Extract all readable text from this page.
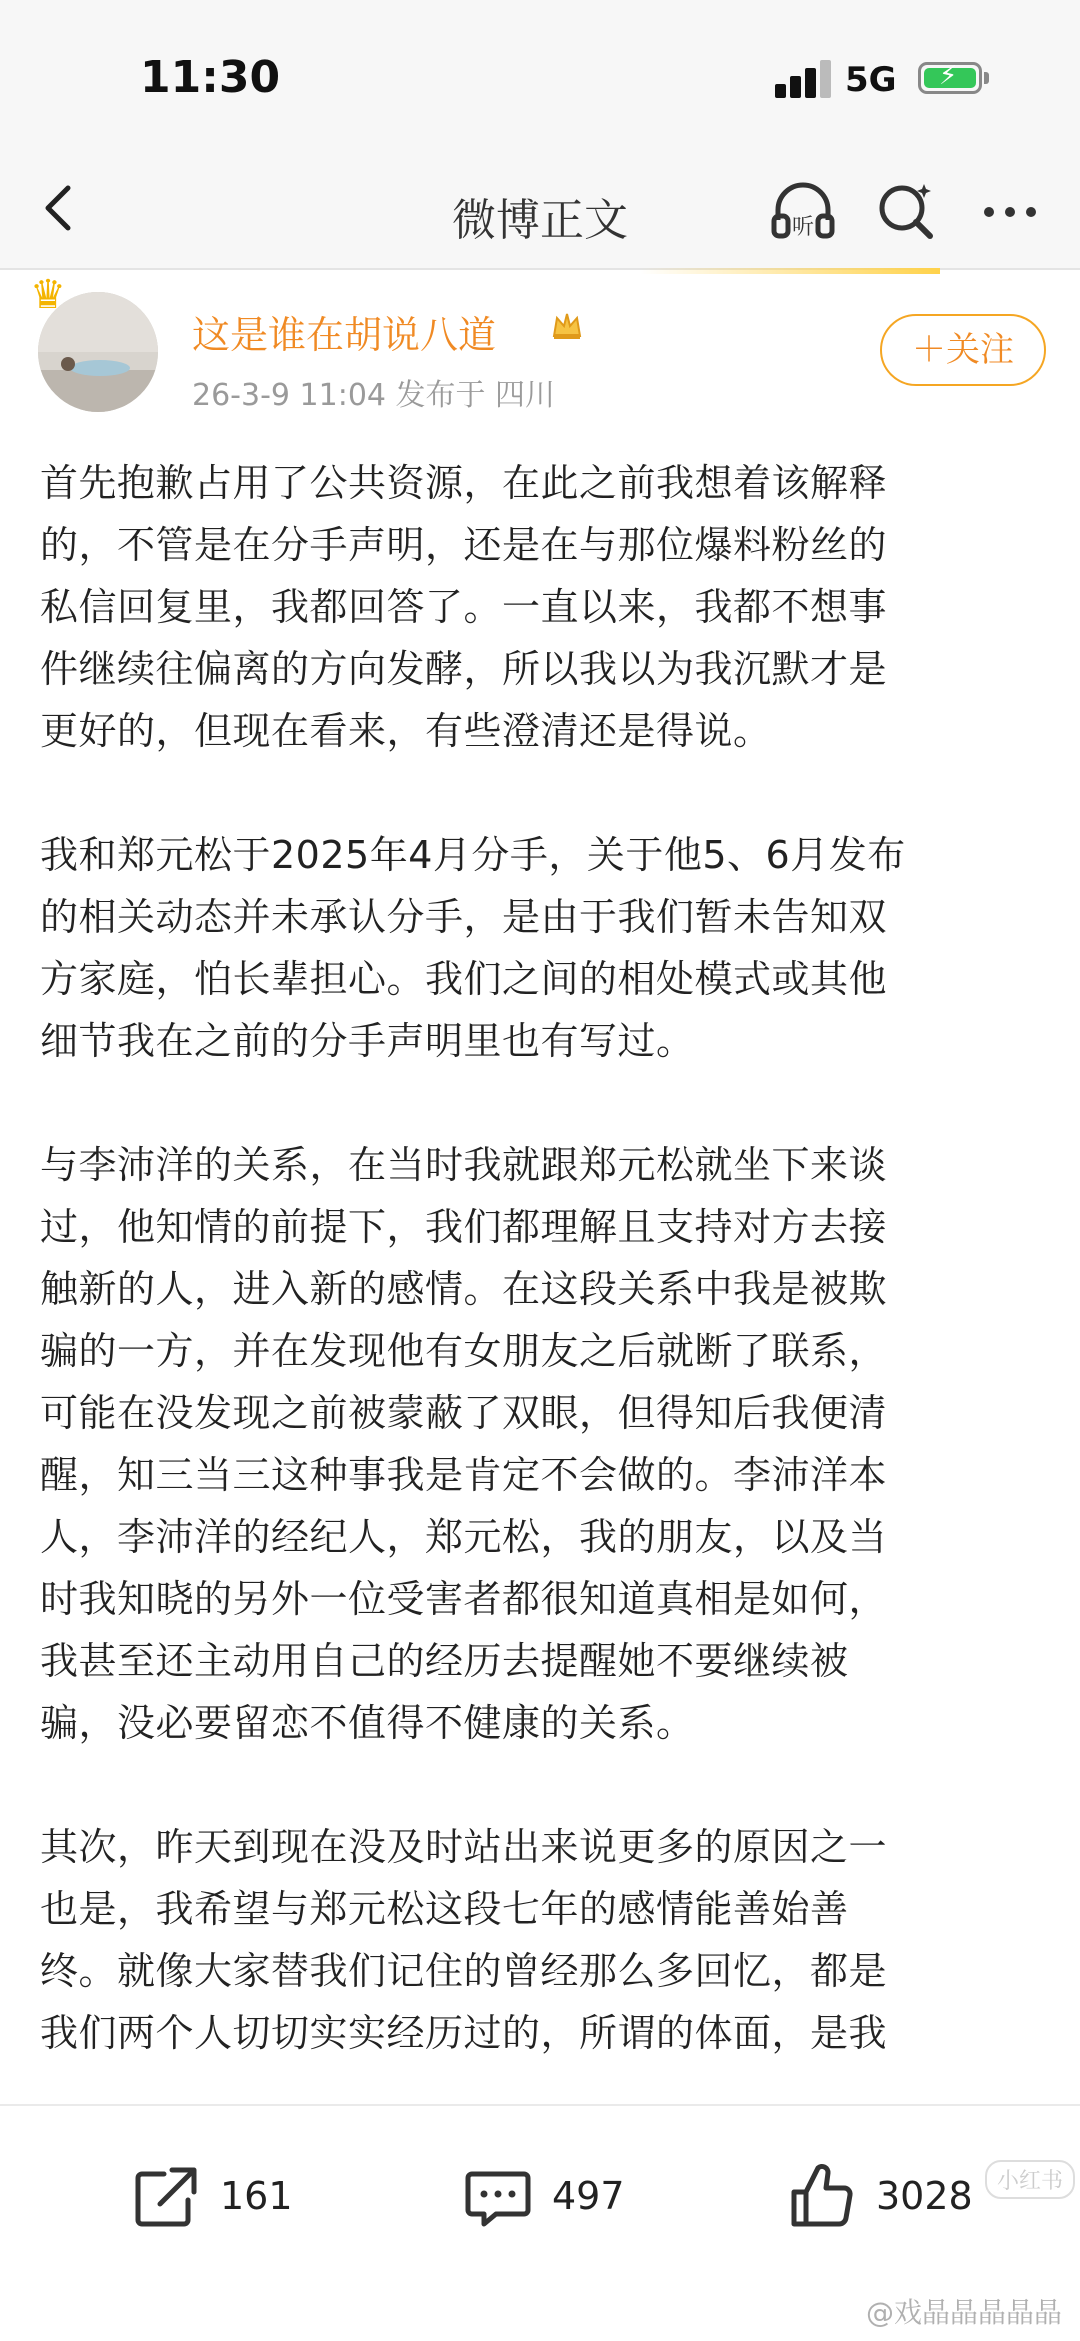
11:30	5G ⚡
微博正文	听
♛
这是谁在胡说八道
26-3-9 11:04 发布于 四川
＋关注

首先抱歉占用了公共资源，在此之前我想着该解释
的，不管是在分手声明，还是在与那位爆料粉丝的
私信回复里，我都回答了。一直以来，我都不想事
件继续往偏离的方向发酵，所以我以为我沉默才是
更好的，但现在看来，有些澄清还是得说。

我和郑元松于2025年4月分手，关于他5、6月发布
的相关动态并未承认分手，是由于我们暂未告知双
方家庭，怕长辈担心。我们之间的相处模式或其他
细节我在之前的分手声明里也有写过。

与李沛洋的关系，在当时我就跟郑元松就坐下来谈
过，他知情的前提下，我们都理解且支持对方去接
触新的人，进入新的感情。在这段关系中我是被欺
骗的一方，并在发现他有女朋友之后就断了联系，
可能在没发现之前被蒙蔽了双眼，但得知后我便清
醒，知三当三这种事我是肯定不会做的。李沛洋本
人，李沛洋的经纪人，郑元松，我的朋友，以及当
时我知晓的另外一位受害者都很知道真相是如何，
我甚至还主动用自己的经历去提醒她不要继续被
骗，没必要留恋不值得不健康的关系。

其次，昨天到现在没及时站出来说更多的原因之一
也是，我希望与郑元松这段七年的感情能善始善
终。就像大家替我们记住的曾经那么多回忆，都是
我们两个人切切实实经历过的，所谓的体面，是我

161	497	3028
@戏晶晶晶晶晶
小红书
